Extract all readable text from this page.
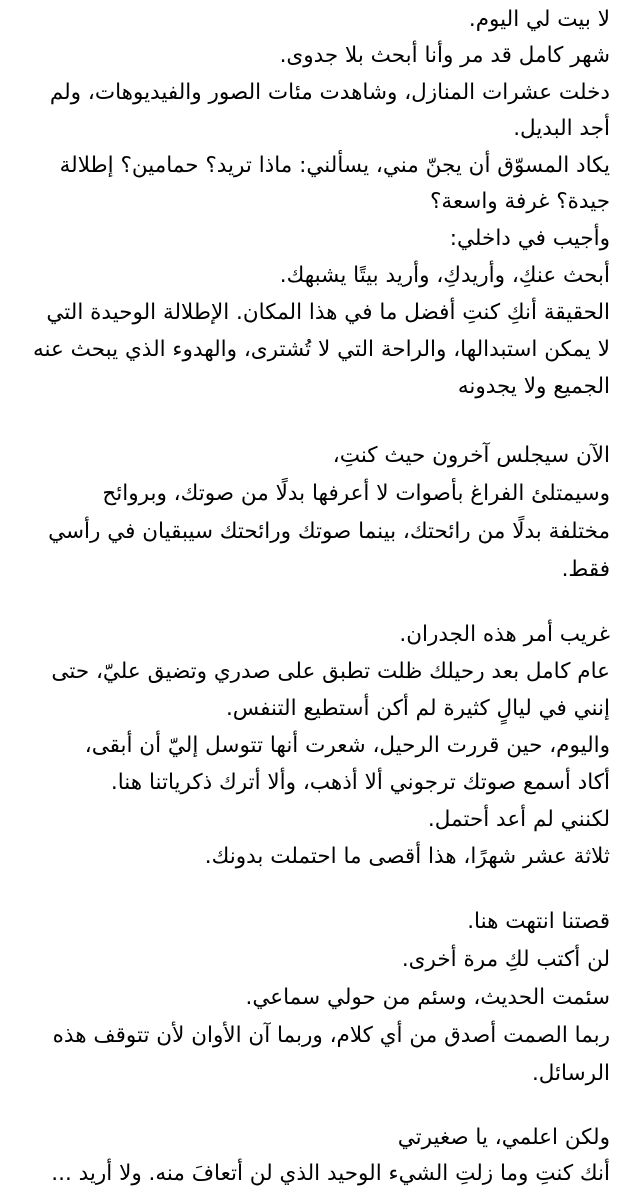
لا بيت لي اليوم.
شهر كامل قد مر وأنا أبحث بلا جدوى.
دخلت عشرات المنازل، وشاهدت مئات الصور والفيديوهات، ولم
أجد البديل.
يكاد المسوّق أن يجنّ مني، يسألني: ماذا تريد؟ حمامين؟ إطلالة
جيدة؟ غرفة واسعة؟
وأجيب في داخلي:
أبحث عنكِ، وأريدكِ، وأريد بيتًا يشبهك.
الحقيقة أنكِ كنتِ أفضل ما في هذا المكان. الإطلالة الوحيدة التي
لا يمكن استبدالها، والراحة التي لا تُشترى، والهدوء الذي يبحث عنه
الجميع ولا يجدونه
الآن سيجلس آخرون حيث كنتِ،
وسيمتلئ الفراغ بأصوات لا أعرفها بدلًا من صوتك، وبروائح
مختلفة بدلًا من رائحتك، بينما صوتك ورائحتك سيبقيان في رأسي
فقط.
غريب أمر هذه الجدران.
عام كامل بعد رحيلك ظلت تطبق على صدري وتضيق عليّ، حتى
إنني في ليالٍ كثيرة لم أكن أستطيع التنفس.
واليوم، حين قررت الرحيل، شعرت أنها تتوسل إليّ أن أبقى،
أكاد أسمع صوتك ترجوني ألا أذهب، وألا أترك ذكرياتنا هنا.
لكنني لم أعد أحتمل.
ثلاثة عشر شهرًا، هذا أقصى ما احتملت بدونك.
قصتنا انتهت هنا.
لن أكتب لكِ مرة أخرى.
سئمت الحديث، وسئم من حولي سماعي.
ربما الصمت أصدق من أي كلام، وربما آن الأوان لأن تتوقف هذه
الرسائل.
ولكن اعلمي، يا صغيرتي
أنك كنتِ وما زلتِ الشيء الوحيد الذي لن أتعافَ منه. ولا أريد ...
